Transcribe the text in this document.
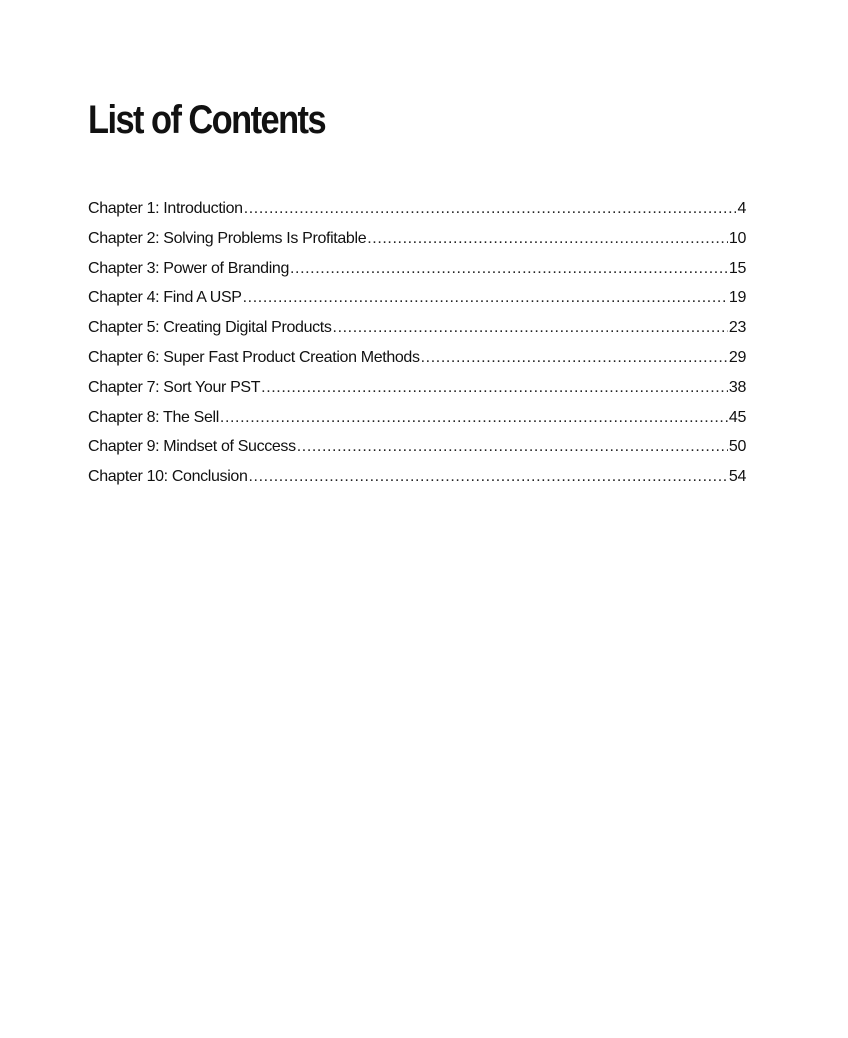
List of Contents
Chapter 1: Introduction .....	4
Chapter 2: Solving Problems Is Profitable .....	10
Chapter 3: Power of Branding .....	15
Chapter 4: Find A USP .....	19
Chapter 5: Creating Digital Products .....	23
Chapter 6: Super Fast Product Creation Methods .....	29
Chapter 7: Sort Your PST .....	38
Chapter 8: The Sell .....	45
Chapter 9: Mindset of Success .....	50
Chapter 10: Conclusion .....	54
